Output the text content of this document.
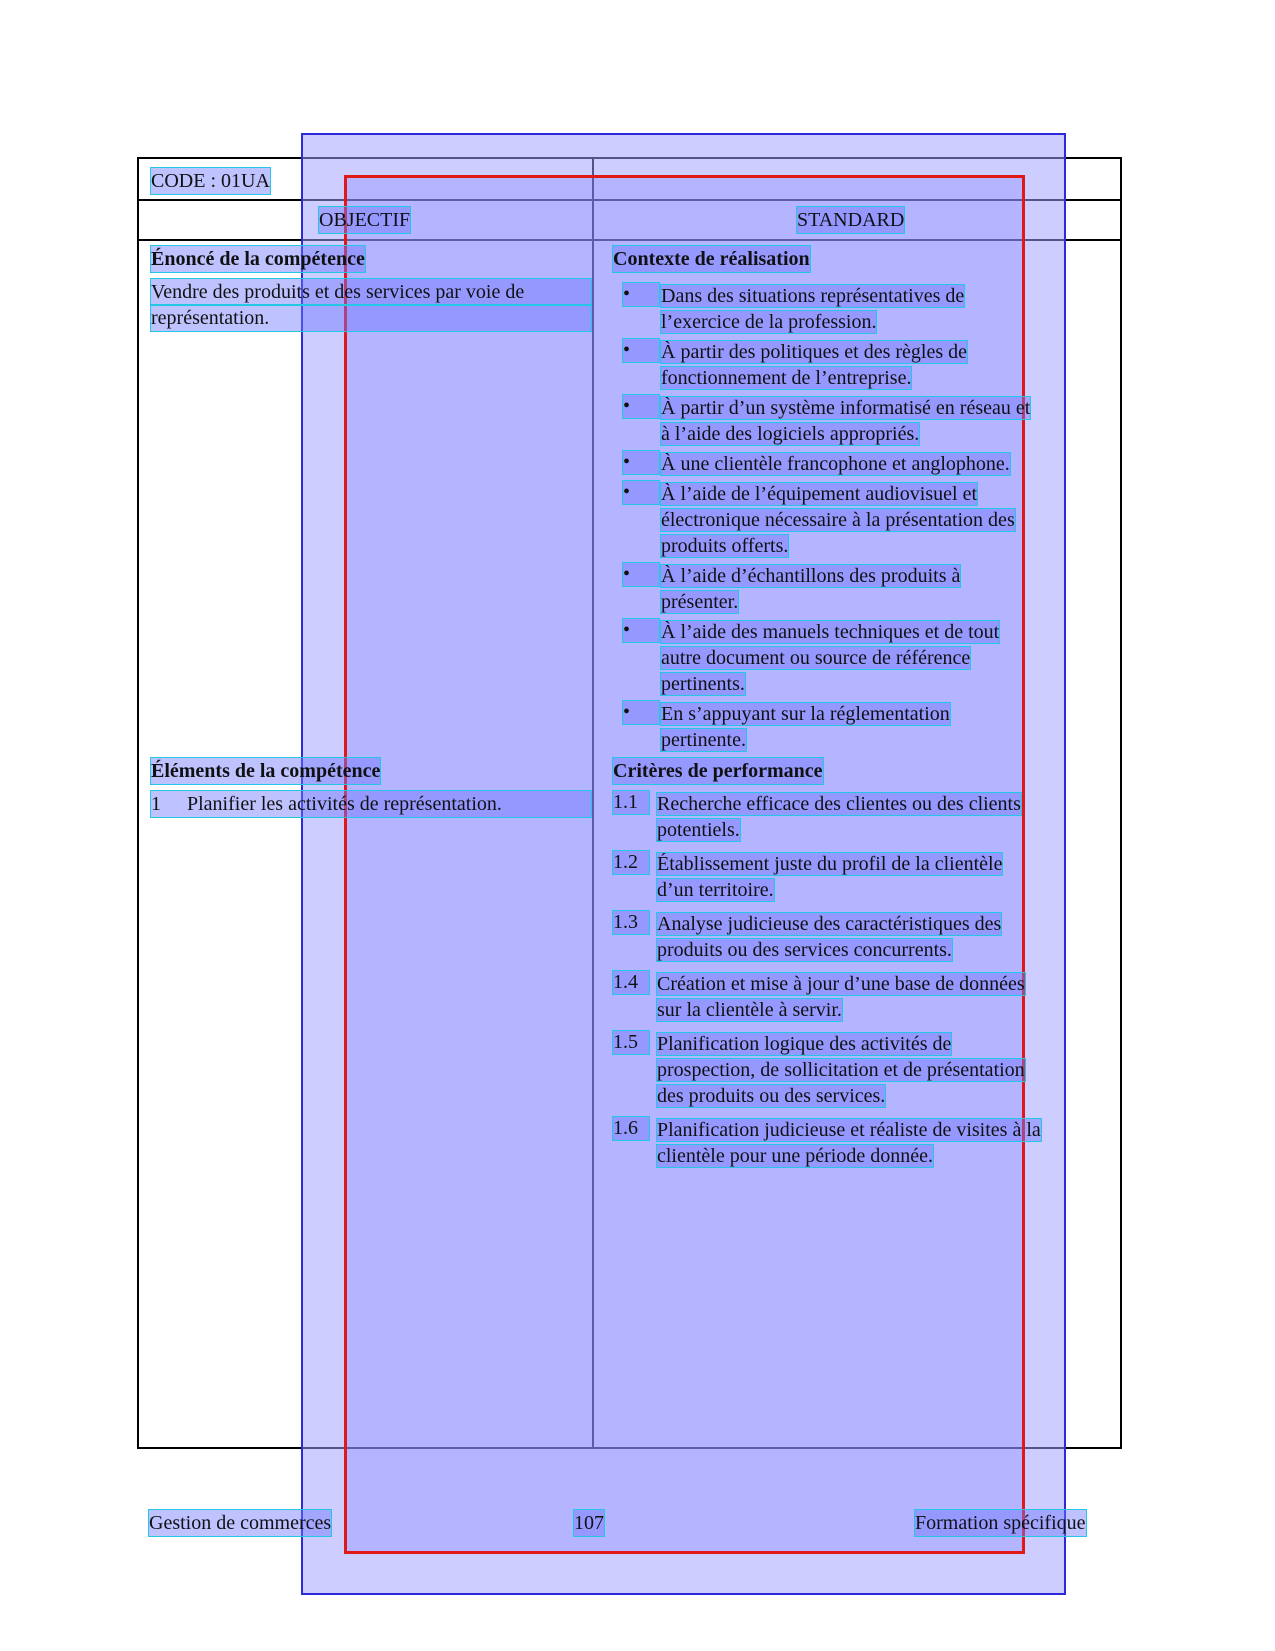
CODE : 01UA
OBJECTIF	STANDARD
Énoncé de la compétence
Vendre des produits et des services par voie de
représentation.
Contexte de réalisation
•	Dans des situations représentatives de
l’exercice de la profession.
•	À partir des politiques et des règles de
fonctionnement de l’entreprise.
•	À partir d’un système informatisé en réseau et
à l’aide des logiciels appropriés.
•	À une clientèle francophone et anglophone.
•	À l’aide de l’équipement audiovisuel et
électronique nécessaire à la présentation des
produits offerts.
•	À l’aide d’échantillons des produits à
présenter.
•	À l’aide des manuels techniques et de tout
autre document ou source de référence
pertinents.
•	En s’appuyant sur la réglementation
pertinente.
Éléments de la compétence
1 Planifier les activités de représentation.
Critères de performance
1.1 Recherche efficace des clientes ou des clients
potentiels.
1.2 Établissement juste du profil de la clientèle
d’un territoire.
1.3 Analyse judicieuse des caractéristiques des
produits ou des services concurrents.
1.4 Création et mise à jour d’une base de données
sur la clientèle à servir.
1.5 Planification logique des activités de
prospection, de sollicitation et de présentation
des produits ou des services.
1.6 Planification judicieuse et réaliste de visites à la
clientèle pour une période donnée.
Gestion de commerces	107	Formation spécifique
